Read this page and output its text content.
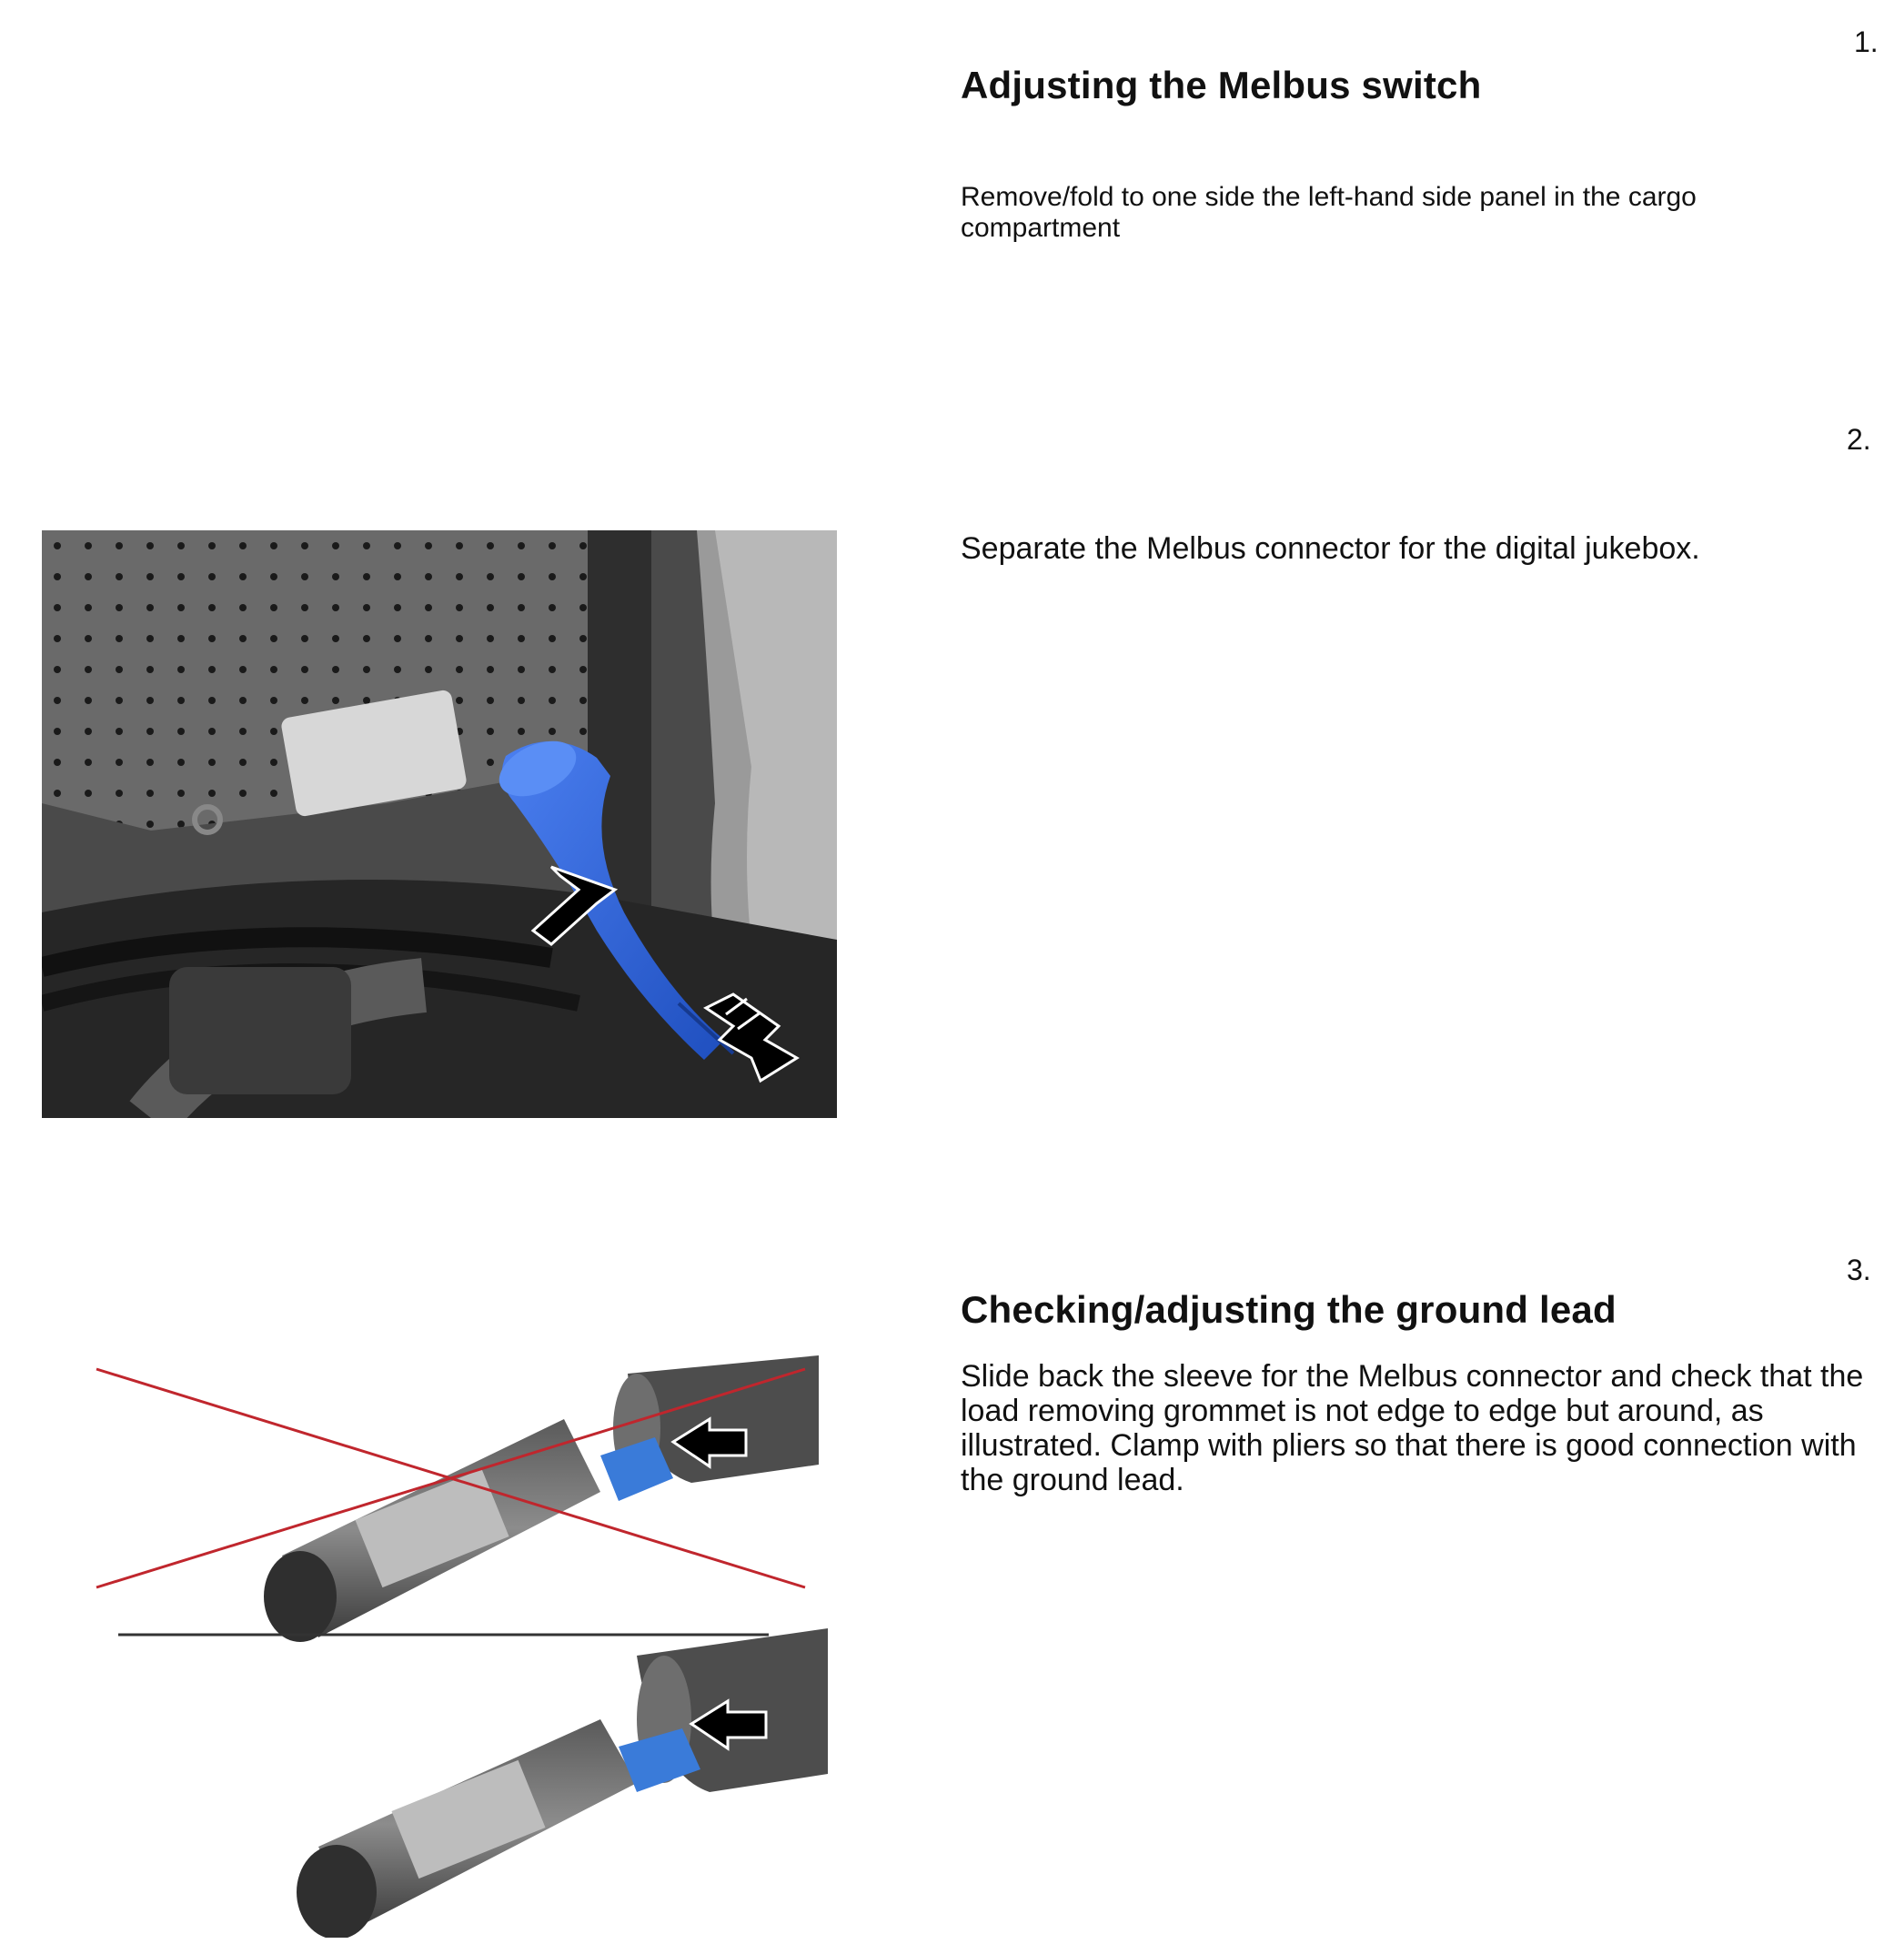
1.
Adjusting the Melbus switch
Remove/fold to one side the left-hand side panel in the cargo compartment
2.
Separate the Melbus connector for the digital jukebox.
3.
Checking/adjusting the ground lead
Slide back the sleeve for the Melbus connector and check that the load removing grommet is not edge to edge but around, as illustrated. Clamp with pliers so that there is good connection with the ground lead.
